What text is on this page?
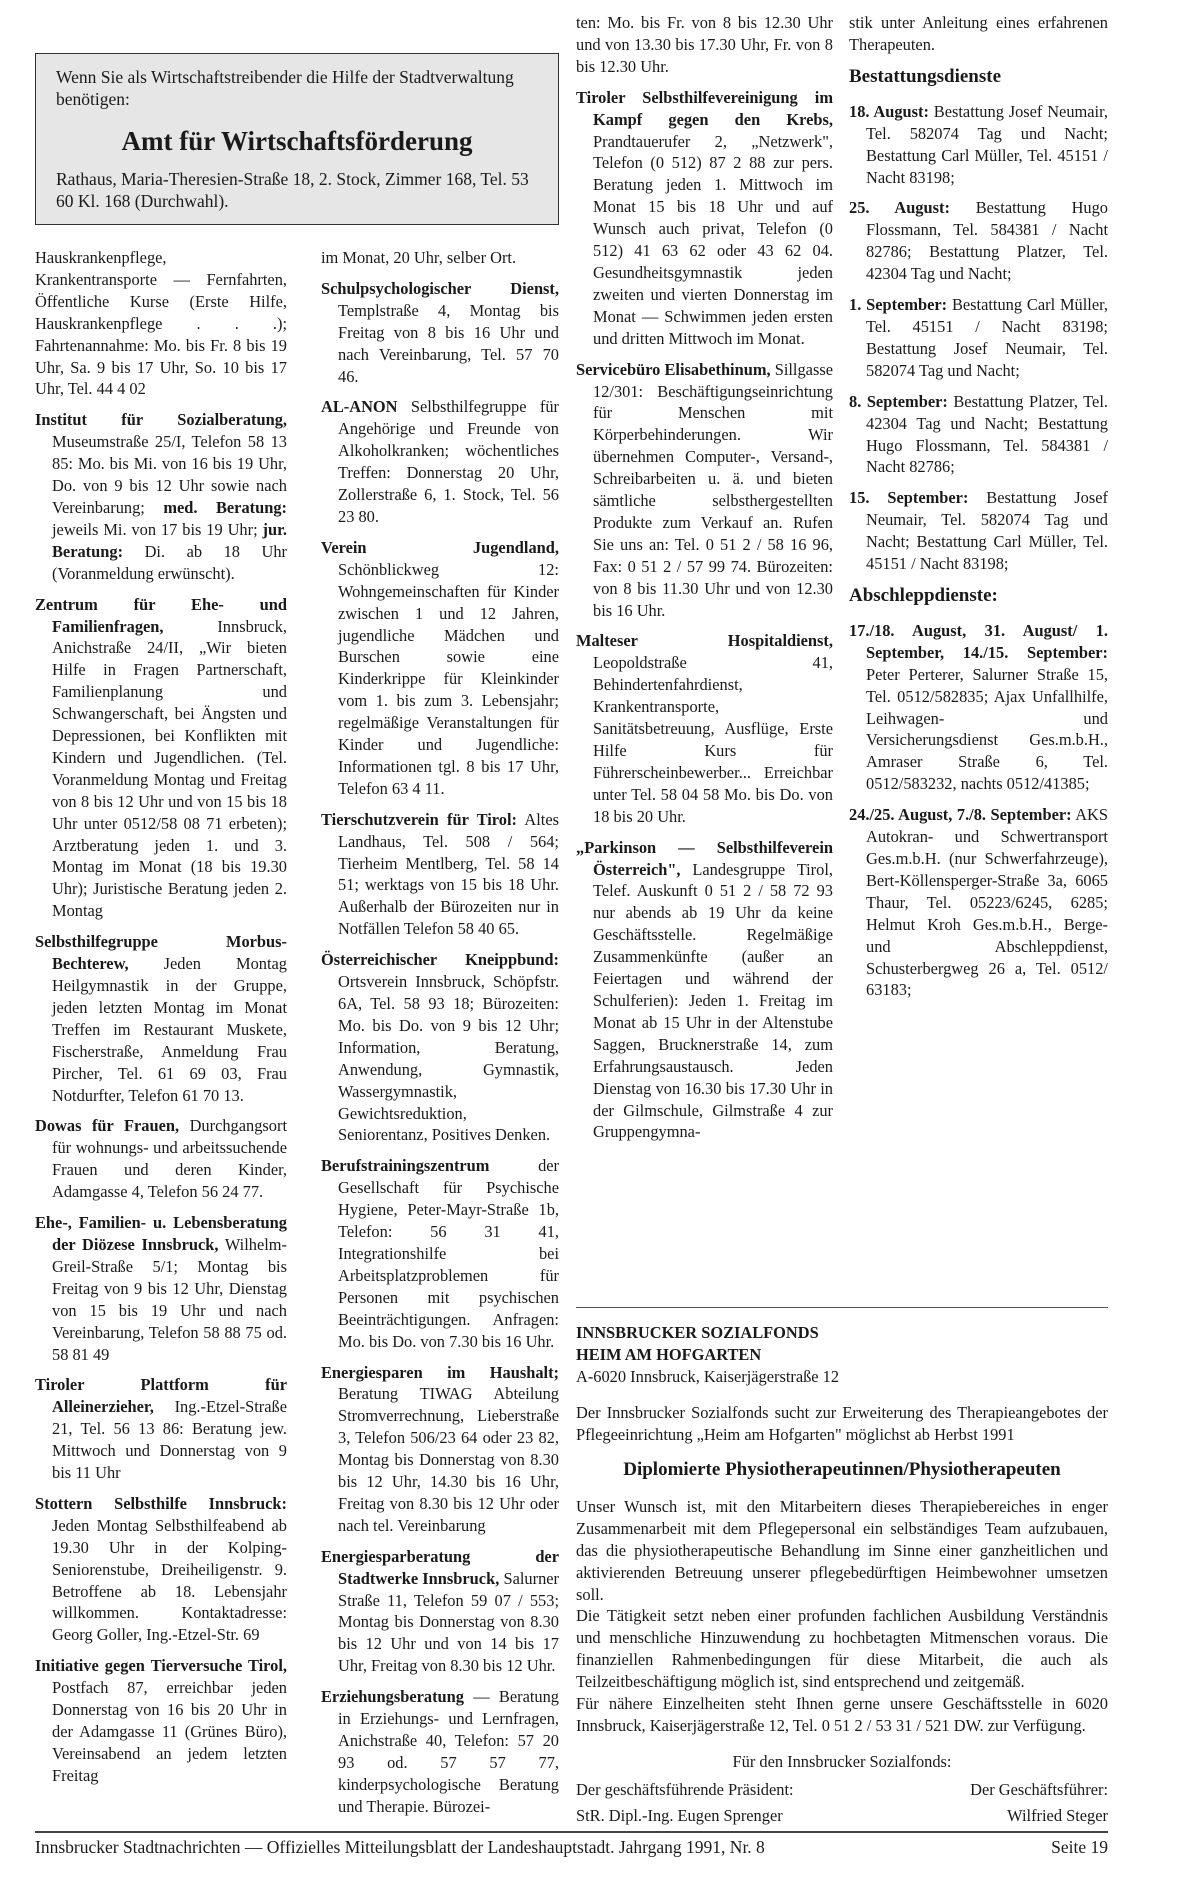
Wenn Sie als Wirtschaftstreibender die Hilfe der Stadtverwaltung benötigen:

Amt für Wirtschaftsförderung

Rathaus, Maria-Theresien-Straße 18, 2. Stock, Zimmer 168, Tel. 53 60 Kl. 168 (Durchwahl).

Hauskrankenpflege, Krankentransporte — Fernfahrten, Öffentliche Kurse (Erste Hilfe, Hauskrankenpflege . . .); Fahrtenannahme: Mo. bis Fr. 8 bis 19 Uhr, Sa. 9 bis 17 Uhr, So. 10 bis 17 Uhr, Tel. 44 4 02

Institut für Sozialberatung, Museumstraße 25/I, Telefon 58 13 85: Mo. bis Mi. von 16 bis 19 Uhr, Do. von 9 bis 12 Uhr sowie nach Vereinbarung; med. Beratung: jeweils Mi. von 17 bis 19 Uhr; jur. Beratung: Di. ab 18 Uhr (Voranmeldung erwünscht).

Zentrum für Ehe- und Familienfragen, Innsbruck, Anichstraße 24/II, „Wir bieten Hilfe in Fragen Partnerschaft, Familienplanung und Schwangerschaft, bei Ängsten und Depressionen, bei Konflikten mit Kindern und Jugendlichen. (Tel. Voranmeldung Montag und Freitag von 8 bis 12 Uhr und von 15 bis 18 Uhr unter 0512/58 08 71 erbeten); Arztberatung jeden 1. und 3. Montag im Monat (18 bis 19.30 Uhr); Juristische Beratung jeden 2. Montag

Selbsthilfegruppe Morbus-Bechterew, Jeden Montag Heilgymnastik in der Gruppe, jeden letzten Montag im Monat Treffen im Restaurant Muskete, Fischerstraße, Anmeldung Frau Pircher, Tel. 61 69 03, Frau Notdurfter, Telefon 61 70 13.

Dowas für Frauen, Durchgangsort für wohnungs- und arbeitssuchende Frauen und deren Kinder, Adamgasse 4, Telefon 56 24 77.

Ehe-, Familien- u. Lebensberatung der Diözese Innsbruck, Wilhelm-Greil-Straße 5/1; Montag bis Freitag von 9 bis 12 Uhr, Dienstag von 15 bis 19 Uhr und nach Vereinbarung, Telefon 58 88 75 od. 58 81 49

Tiroler Plattform für Alleinerzieher, Ing.-Etzel-Straße 21, Tel. 56 13 86: Beratung jew. Mittwoch und Donnerstag von 9 bis 11 Uhr

Stottern Selbsthilfe Innsbruck: Jeden Montag Selbsthilfeabend ab 19.30 Uhr in der Kolping-Seniorenstube, Dreiheiligenstr. 9. Betroffene ab 18. Lebensjahr willkommen. Kontaktadresse: Georg Goller, Ing.-Etzel-Str. 69

Initiative gegen Tierversuche Tirol, Postfach 87, erreichbar jeden Donnerstag von 16 bis 20 Uhr in der Adamgasse 11 (Grünes Büro), Vereinsabend an jedem letzten Freitag

im Monat, 20 Uhr, selber Ort.

Schulpsychologischer Dienst, Templstraße 4, Montag bis Freitag von 8 bis 16 Uhr und nach Vereinbarung, Tel. 57 70 46.

AL-ANON Selbsthilfegruppe für Angehörige und Freunde von Alkoholkranken; wöchentliches Treffen: Donnerstag 20 Uhr, Zollerstraße 6, 1. Stock, Tel. 56 23 80.

Verein Jugendland, Schönblickweg 12: Wohngemeinschaften für Kinder zwischen 1 und 12 Jahren, jugendliche Mädchen und Burschen sowie eine Kinderkrippe für Kleinkinder vom 1. bis zum 3. Lebensjahr; regelmäßige Veranstaltungen für Kinder und Jugendliche: Informationen tgl. 8 bis 17 Uhr, Telefon 63 4 11.

Tierschutzverein für Tirol: Altes Landhaus, Tel. 508 / 564; Tierheim Mentlberg, Tel. 58 14 51; werktags von 15 bis 18 Uhr. Außerhalb der Bürozeiten nur in Notfällen Telefon 58 40 65.

Österreichischer Kneippbund: Ortsverein Innsbruck, Schöpfstr. 6A, Tel. 58 93 18; Bürozeiten: Mo. bis Do. von 9 bis 12 Uhr; Information, Beratung, Anwendung, Gymnastik, Wassergymnastik, Gewichtsreduktion, Seniorentanz, Positives Denken.

Berufstrainingszentrum der Gesellschaft für Psychische Hygiene, Peter-Mayr-Straße 1b, Telefon: 56 31 41, Integrationshilfe bei Arbeitsplatzproblemen für Personen mit psychischen Beeinträchtigungen. Anfragen: Mo. bis Do. von 7.30 bis 16 Uhr.

Energiesparen im Haushalt; Beratung TIWAG Abteilung Stromverrechnung, Lieberstraße 3, Telefon 506/23 64 oder 23 82, Montag bis Donnerstag von 8.30 bis 12 Uhr, 14.30 bis 16 Uhr, Freitag von 8.30 bis 12 Uhr oder nach tel. Vereinbarung

Energiesparberatung der Stadtwerke Innsbruck, Salurner Straße 11, Telefon 59 07 / 553; Montag bis Donnerstag von 8.30 bis 12 Uhr und von 14 bis 17 Uhr, Freitag von 8.30 bis 12 Uhr.

Erziehungsberatung — Beratung in Erziehungs- und Lernfragen, Anichstraße 40, Telefon: 57 20 93 od. 57 57 77, kinderpsychologische Beratung und Therapie. Bürozei-

ten: Mo. bis Fr. von 8 bis 12.30 Uhr und von 13.30 bis 17.30 Uhr, Fr. von 8 bis 12.30 Uhr.

Tiroler Selbsthilfevereinigung im Kampf gegen den Krebs, Prandtauerufer 2, „Netzwerk", Telefon (0 512) 87 2 88 zur pers. Beratung jeden 1. Mittwoch im Monat 15 bis 18 Uhr und auf Wunsch auch privat, Telefon (0 512) 41 63 62 oder 43 62 04. Gesundheitsgymnastik jeden zweiten und vierten Donnerstag im Monat — Schwimmen jeden ersten und dritten Mittwoch im Monat.

Servicebüro Elisabethinum, Sillgasse 12/301: Beschäftigungseinrichtung für Menschen mit Körperbehinderungen. Wir übernehmen Computer-, Versand-, Schreibarbeiten u. ä. und bieten sämtliche selbsthergestellten Produkte zum Verkauf an. Rufen Sie uns an: Tel. 0 51 2 / 58 16 96, Fax: 0 51 2 / 57 99 74. Bürozeiten: von 8 bis 11.30 Uhr und von 12.30 bis 16 Uhr.

Malteser Hospitaldienst, Leopoldstraße 41, Behindertenfahrdienst, Krankentransporte, Sanitätsbetreuung, Ausflüge, Erste Hilfe Kurs für Führerscheinbewerber... Erreichbar unter Tel. 58 04 58 Mo. bis Do. von 18 bis 20 Uhr.

„Parkinson — Selbsthilfeverein Österreich", Landesgruppe Tirol, Telef. Auskunft 0 51 2 / 58 72 93 nur abends ab 19 Uhr da keine Geschäftsstelle. Regelmäßige Zusammenkünfte (außer an Feiertagen und während der Schulferien): Jeden 1. Freitag im Monat ab 15 Uhr in der Altenstube Saggen, Brucknerstraße 14, zum Erfahrungsaustausch. Jeden Dienstag von 16.30 bis 17.30 Uhr in der Gilmschule, Gilmstraße 4 zur Gruppengymna-

stik unter Anleitung eines erfahrenen Therapeuten.

Bestattungsdienste

18. August: Bestattung Josef Neumair, Tel. 582074 Tag und Nacht; Bestattung Carl Müller, Tel. 45151 / Nacht 83198;

25. August: Bestattung Hugo Flossmann, Tel. 584381 / Nacht 82786; Bestattung Platzer, Tel. 42304 Tag und Nacht;

1. September: Bestattung Carl Müller, Tel. 45151 / Nacht 83198; Bestattung Josef Neumair, Tel. 582074 Tag und Nacht;

8. September: Bestattung Platzer, Tel. 42304 Tag und Nacht; Bestattung Hugo Flossmann, Tel. 584381 / Nacht 82786;

15. September: Bestattung Josef Neumair, Tel. 582074 Tag und Nacht; Bestattung Carl Müller, Tel. 45151 / Nacht 83198;

Abschleppdienste:

17./18. August, 31. August/ 1. September, 14./15. September: Peter Perterer, Salurner Straße 15, Tel. 0512/582835; Ajax Unfallhilfe, Leihwagen- und Versicherungsdienst Ges.m.b.H., Amraser Straße 6, Tel. 0512/583232, nachts 0512/41385;

24./25. August, 7./8. September: AKS Autokran- und Schwertransport Ges.m.b.H. (nur Schwerfahrzeuge), Bert-Köllensperger-Straße 3a, 6065 Thaur, Tel. 05223/6245, 6285; Helmut Kroh Ges.m.b.H., Berge- und Abschleppdienst, Schusterbergweg 26 a, Tel. 0512/ 63183;

INNSBRUCKER SOZIALFONDS

HEIM AM HOFGARTEN

A-6020 Innsbruck, Kaiserjägerstraße 12

Der Innsbrucker Sozialfonds sucht zur Erweiterung des Therapieangebotes der Pflegeeinrichtung „Heim am Hofgarten" möglichst ab Herbst 1991

Diplomierte Physiotherapeutinnen/Physiotherapeuten

Unser Wunsch ist, mit den Mitarbeitern dieses Therapiebereiches in enger Zusammenarbeit mit dem Pflegepersonal ein selbständiges Team aufzubauen, das die physiotherapeutische Behandlung im Sinne einer ganzheitlichen und aktivierenden Betreuung unserer pflegebedürftigen Heimbewohner umsetzen soll.

Die Tätigkeit setzt neben einer profunden fachlichen Ausbildung Verständnis und menschliche Hinzuwendung zu hochbetagten Mitmenschen voraus. Die finanziellen Rahmenbedingungen für diese Mitarbeit, die auch als Teilzeitbeschäftigung möglich ist, sind entsprechend und zeitgemäß.

Für nähere Einzelheiten steht Ihnen gerne unsere Geschäftsstelle in 6020 Innsbruck, Kaiserjägerstraße 12, Tel. 0 51 2 / 53 31 / 521 DW. zur Verfügung.

Für den Innsbrucker Sozialfonds:

Der geschäftsführende Präsident:	Der Geschäftsführer:
StR. Dipl.-Ing. Eugen Sprenger	Wilfried Steger
Innsbrucker Stadtnachrichten — Offizielles Mitteilungsblatt der Landeshauptstadt. Jahrgang 1991, Nr. 8	Seite 19
